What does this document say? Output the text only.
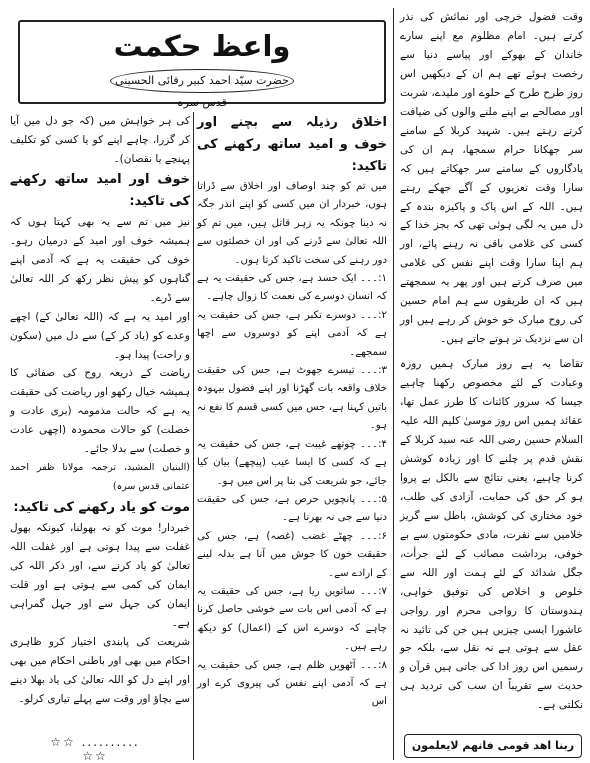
وقت فضول خرچی اور نمائش کی نذر کرتے ہیں۔ امام مظلوم مع اپنے سارے خاندان کے بھوکے اور پیاسے دنیا سے رخصت ہوئے تھے ہم ان کے دیکھیں اس روز طرح طرح کے حلوے اور ملیدے، شربت اور مصالحے بے اپنے ملنے والوں کی ضیافت کرتے رہتے ہیں۔ شہید کربلا کے سامنے سر جھکانا حرام سمجھا، ہم ان کی یادگاروں کے سامنے سر جھکاتے ہیں کہ سارا وقت تعزیوں کے آگے جھکے رہتے ہیں۔ اللہ کے اس پاک و پاکیزہ بندہ کے دل میں یہ لگی ہوئی تھی کہ بجز خدا کے کسی کی غلامی باقی نہ رہنے پائے، اور ہم اپنا سارا وقت اپنے نفس کی غلامی میں صرف کرتے ہیں اور پھر یہ سمجھتے ہیں کہ ان طریقوں سے ہم امام حسین کی روح مبارک خو خوش کر رہے ہیں اور ان سے نزدیک تر ہوتے جاتے ہیں۔

تقاضا یہ ہے روز مبارک ہمیں روزہ وعبادت کے لئے مخصوص رکھنا چاہیے جیسا کہ سرور کائنات کا طرز عمل تھا، عقائد ہمیں اس روز موسیٰ کلیم اللہ علیہ السلام حسین رضی اللہ عنہ سید کربلا کے نقش قدم پر چلنے کا اور زیادہ کوشش کرنا چاہیے، یعنی نتائج سے بالکل بے پروا ہو کر حق کی حمایت، آزادی کی طلب، خود مختاری کی کوشش، باطل سے گریز خلامیں سے نفرت، مادی حکومتوں سے بے خوفی، برداشت مصائب کے لئے جرأت، جگل شدائد کے لئے ہمت اور اللہ سے خلوص و اخلاص کی توفیق خواہی، ہندوستان کا رواجی محرم اور رواجی عاشورا ایسی چیزیں ہیں جن کی تائید نہ عقل سے ہوتی ہے نہ نقل سے، بلکہ جو رسمیں اس روز ادا کی جاتی ہیں قرآن و حدیث سے تقریباً ان سب کی تردید ہی نکلتی ہے۔

واعظ حکمت
حضرت سیّد احمد کبیر رفائی الحسینی قدس سرہ

اخلاق رذیلہ سے بچنے اور خوف و امید ساتھ رکھنے کی تاکید:

میں تم کو چند اوصاف اور اخلاق سے ڈراتا ہوں، خبردار ان میں کسی کو اپنے اندر جگہ نہ دینا چونکہ یہ زہر قاتل ہیں، میں تم کو اللہ تعالیٰ سے ڈرنے کی اور ان خصلتوں سے دور رہنے کی سخت تاکید کرتا ہوں۔

۱:۔۔۔ ایک حسد ہے، جس کی حقیقت یہ ہے کہ انسان دوسرے کی نعمت کا زوال چاہے۔

۲:۔۔۔ دوسرے تکبر ہے، جس کی حقیقت یہ ہے کہ آدمی اپنے کو دوسروں سے اچھا سمجھے۔

۳:۔۔۔ تیسرے جھوٹ ہے، جس کی حقیقت خلاف واقعہ بات گھڑنا اور اپنے فضول بیہودہ باتیں کہنا ہے، جس میں کسی قسم کا نفع نہ ہو۔

۴:۔۔۔ چوتھے غیبت ہے، جس کی حقیقت یہ ہے کہ کسی کا ایسا عیب (پیچھے) بیان کیا جائے، جو شریعت کی بنا پر اس میں ہو۔

۵:۔۔۔ پانچویں حرص ہے، جس کی حقیقت دنیا سے جی نہ بھرنا ہے۔

۶:۔۔۔ چھٹے غضب (غصہ) ہے، جس کی حقیقت خون کا جوش میں آنا ہے بدلہ لینے کے ارادے سے۔

۷:۔۔۔ ساتویں ریا ہے، جس کی حقیقت یہ ہے کہ آدمی اس بات سے خوشی حاصل کرنا چاہے کہ دوسرے اس کے (اعمال) کو دیکھ رہے ہیں۔

۸:۔۔۔ آٹھویں ظلم ہے، جس کی حقیقت یہ ہے کہ آدمی اپنے نفس کی پیروی کرے اور اس

کی ہر خواہش میں (کہ جو دل میں آیا کر گزرا، چاہے اپنے کو یا کسی کو تکلیف پہنچے یا نقصان)۔

خوف اور امید ساتھ رکھنے کی تاکید:

نیز میں تم سے یہ بھی کہتا ہوں کہ ہمیشہ خوف اور امید کے درمیان رہو۔ خوف کی حقیقت یہ ہے کہ آدمی اپنے گناہوں کو پیش نظر رکھ کر اللہ تعالیٰ سے ڈرے۔

اور امید یہ ہے کہ (اللہ تعالیٰ کے) اچھے وعدے کو (یاد کر کے) سے دل میں (سکون و راحت) پیدا ہو۔

ریاضت کے ذریعہ روح کی صفائی کا ہمیشہ خیال رکھو اور ریاضت کی حقیقت یہ ہے کہ حالت مذمومہ (بری عادت و خصلت) کو حالات محمودہ (اچھی عادت و خصلت) سے بدلا جائے۔

(البنیان المشید، ترجمہ مولانا ظفر احمد عثمانی قدس سرہ)

موت کو یاد رکھنے کی تاکید:

خبردار! موت کو نہ بھولنا، کیونکہ بھول غفلت سے پیدا ہوتی ہے اور غفلت اللہ تعالیٰ کو یاد کرنے سے، اور ذکر اللہ کی ایمان کی کمی سے ہوتی ہے اور قلت ایمان کی جہل سے اور جہل گمراہی ہے۔

شریعت کی پابندی اختیار کرو ظاہری احکام میں بھی اور باطنی احکام میں بھی اور اپنے دل کو اللہ تعالیٰ کی یاد بھلا دینے سے بچاؤ اور وقت سے پہلے تیاری کرلو۔

☆☆ .......... ☆☆
ربنا اھد قومی فانھم لایعلمون
